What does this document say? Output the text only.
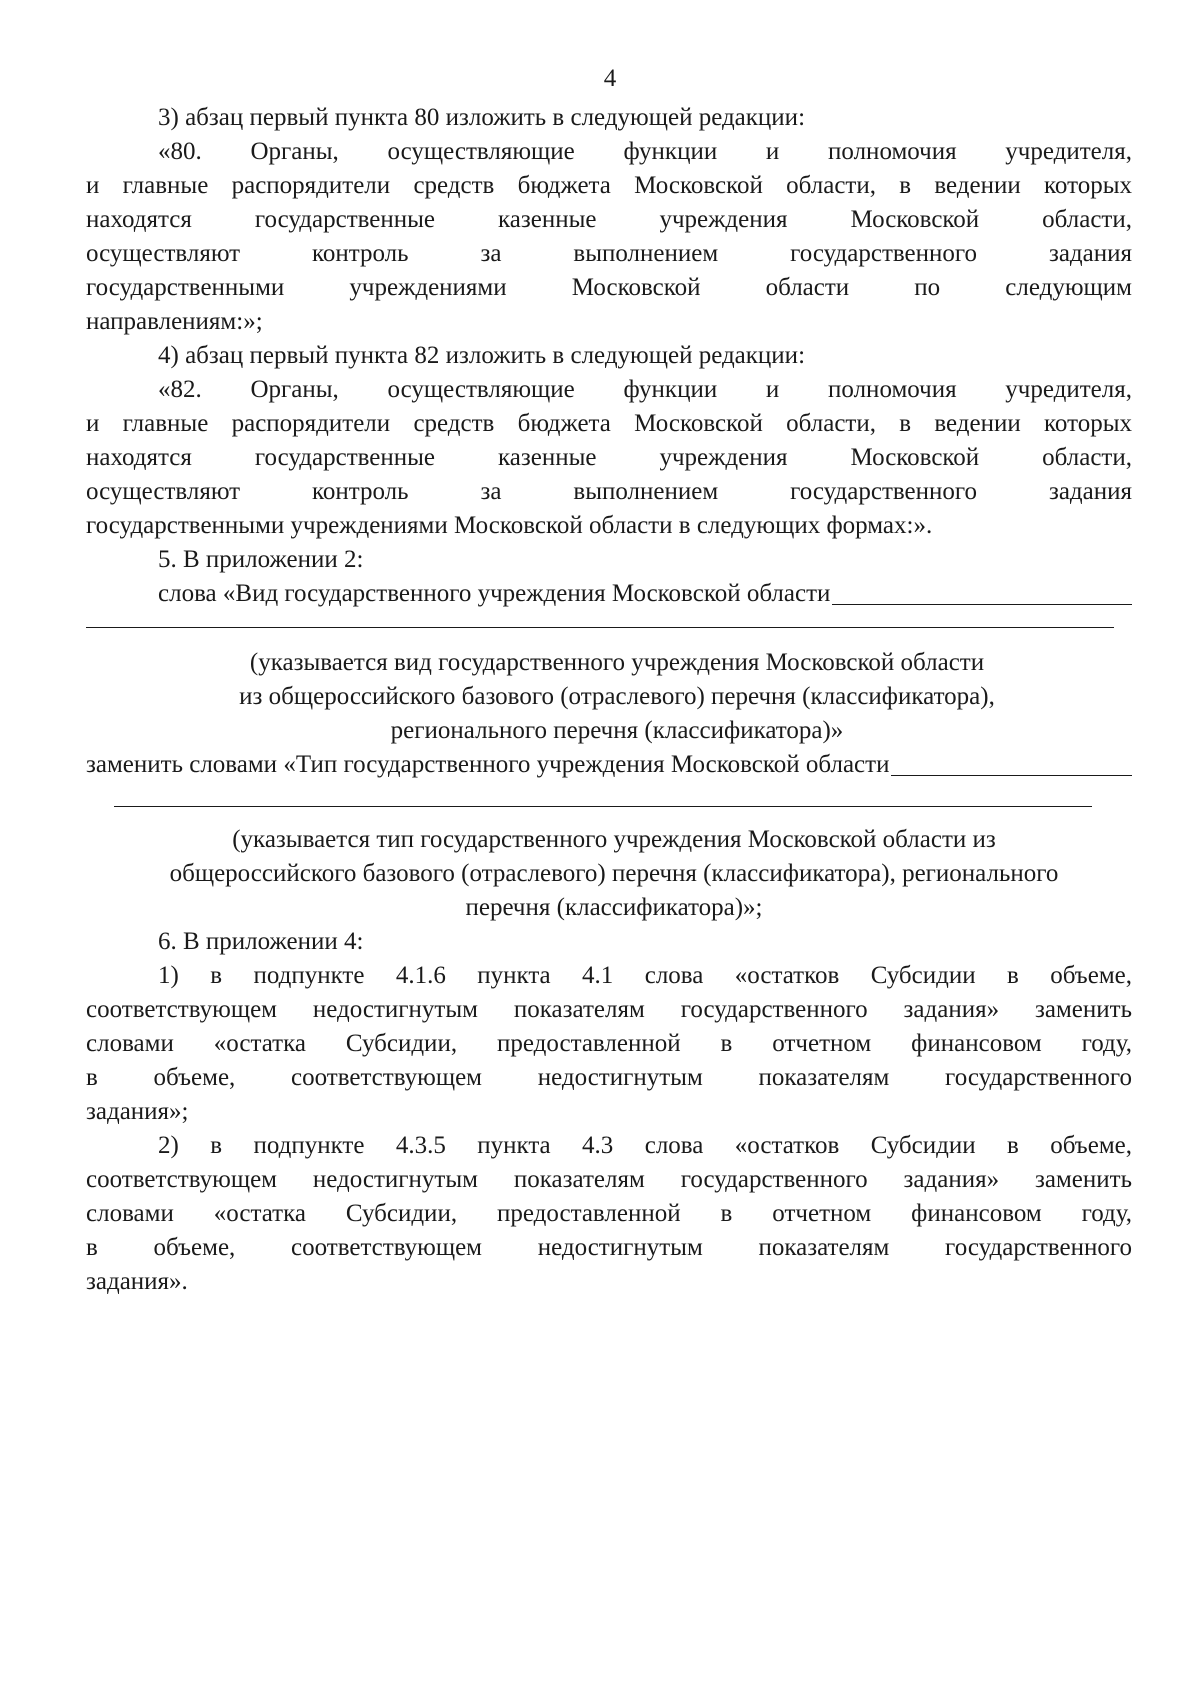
4

3) абзац первый пункта 80 изложить в следующей редакции:

«80. Органы, осуществляющие функции и полномочия учредителя,

и главные распорядители средств бюджета Московской области, в ведении которых

находятся государственные казенные учреждения Московской области,

осуществляют контроль за выполнением государственного задания

государственными учреждениями Московской области по следующим

направлениям:»;

4) абзац первый пункта 82 изложить в следующей редакции:

«82. Органы, осуществляющие функции и полномочия учредителя,

и главные распорядители средств бюджета Московской области, в ведении которых

находятся государственные казенные учреждения Московской области,

осуществляют контроль за выполнением государственного задания

государственными учреждениями Московской области в следующих формах:».

5. В приложении 2:

слова «Вид государственного учреждения Московской области

(указывается вид государственного учреждения Московской области

из общероссийского базового (отраслевого) перечня (классификатора),

регионального перечня (классификатора)»

заменить словами «Тип государственного учреждения Московской области

(указывается тип государственного учреждения Московской области из

общероссийского базового (отраслевого) перечня (классификатора), регионального

перечня (классификатора)»;

6. В приложении 4:

1) в подпункте 4.1.6 пункта 4.1 слова «остатков Субсидии в объеме,

соответствующем недостигнутым показателям государственного задания» заменить

словами «остатка Субсидии, предоставленной в отчетном финансовом году,

в объеме, соответствующем недостигнутым показателям государственного

задания»;

2) в подпункте 4.3.5 пункта 4.3 слова «остатков Субсидии в объеме,

соответствующем недостигнутым показателям государственного задания» заменить

словами «остатка Субсидии, предоставленной в отчетном финансовом году,

в объеме, соответствующем недостигнутым показателям государственного

задания».
